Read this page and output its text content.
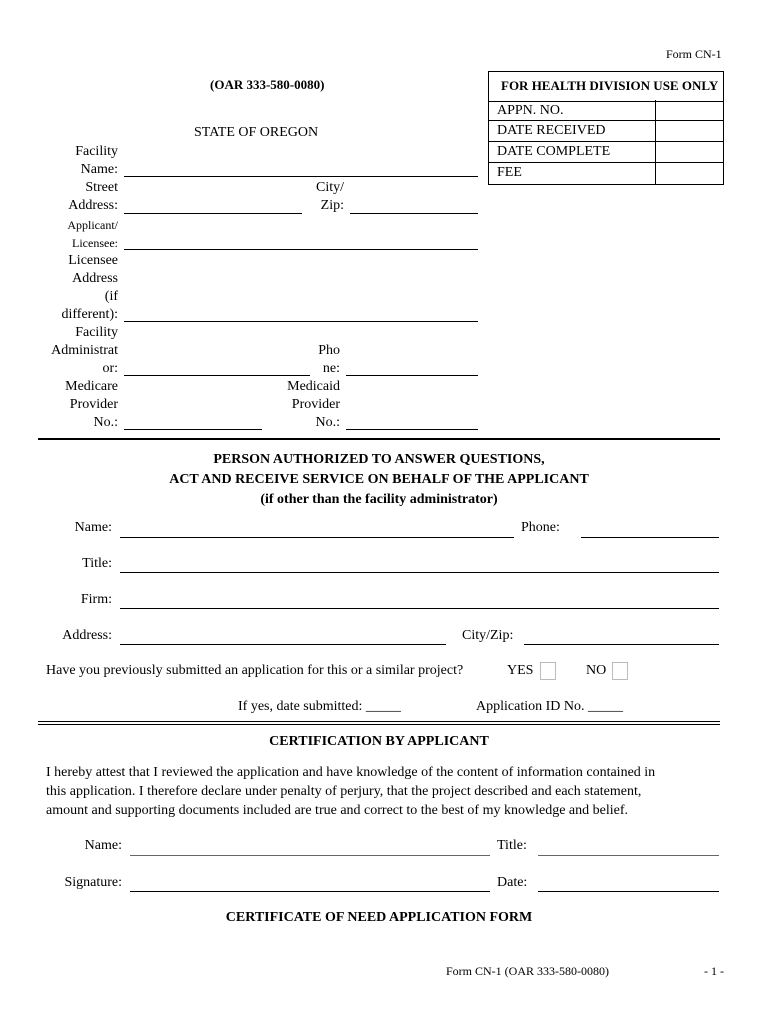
Form CN-1
(OAR 333-580-0080)
STATE OF OREGON
FOR HEALTH DIVISION USE ONLY
APPN. NO.
DATE RECEIVED
DATE COMPLETE
FEE
Facility
Name:
Street
Address:
City/
Zip:
Applicant/
Licensee:
Licensee
Address
(if
different):
Facility
Administrat
or:
Pho
ne:
Medicare
Provider
No.:
Medicaid
Provider
No.:
PERSON AUTHORIZED TO ANSWER QUESTIONS,
ACT AND RECEIVE SERVICE ON BEHALF OF THE APPLICANT
(if other than the facility administrator)
Name:	Phone:
Title:
Firm:
Address:	City/Zip:
Have you previously submitted an application for this or a similar project?	YES	NO
If yes, date submitted: _____	Application ID No. _____
CERTIFICATION BY APPLICANT
I hereby attest that I reviewed the application and have knowledge of the content of information contained in
this application. I therefore declare under penalty of perjury, that the project described and each statement,
amount and supporting documents included are true and correct to the best of my knowledge and belief.
Name:	Title:
Signature:	Date:
CERTIFICATE OF NEED APPLICATION FORM
Form CN-1 (OAR 333-580-0080)	- 1 -
